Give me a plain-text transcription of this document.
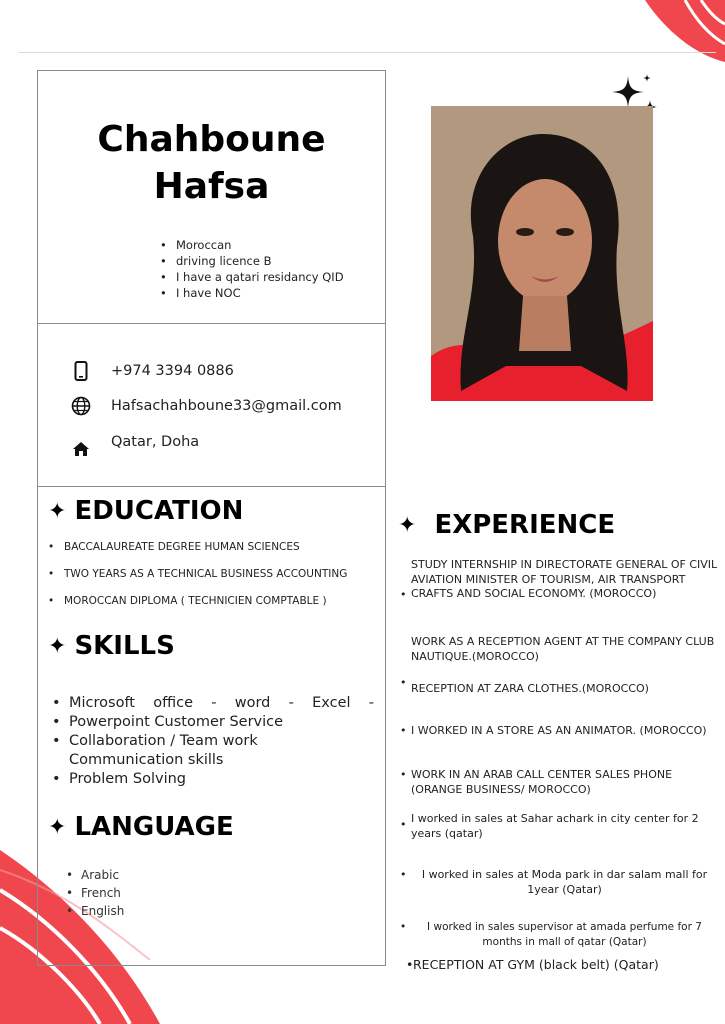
Chahboune
Hafsa
• Moroccan
• driving licence B
• I have a qatari residancy QID
• I have NOC
+974 3394 0886
Hafsachahboune33@gmail.com
Qatar, Doha
✦ EDUCATION
• BACCALAUREATE DEGREE HUMAN SCIENCES
• TWO YEARS AS A TECHNICAL BUSINESS ACCOUNTING
• MOROCCAN DIPLOMA ( TECHNICIEN COMPTABLE )
✦ SKILLS
• Microsoft office - word - Excel -
• Powerpoint Customer Service
• Collaboration / Team work Communication skills
• Problem Solving
✦ LANGUAGE
• Arabic
• French
• English
✦ EXPERIENCE
•
STUDY INTERNSHIP IN DIRECTORATE GENERAL OF CIVIL AVIATION MINISTER OF TOURISM, AIR TRANSPORT CRAFTS AND SOCIAL ECONOMY. (MOROCCO)
WORK AS A RECEPTION AGENT AT THE COMPANY CLUB NAUTIQUE.(MOROCCO)
• RECEPTION AT ZARA CLOTHES.(MOROCCO)
• I WORKED IN A STORE AS AN ANIMATOR. (MOROCCO)
• WORK IN AN ARAB CALL CENTER SALES PHONE (ORANGE BUSINESS/ MOROCCO)
• I worked in sales at Sahar achark in city center for 2 years (qatar)
•	I worked in sales at Moda park in dar salam mall for 1year (Qatar)
•	I worked in sales supervisor at amada perfume for 7 months in mall of qatar (Qatar)
• RECEPTION AT GYM (black belt) (Qatar)
